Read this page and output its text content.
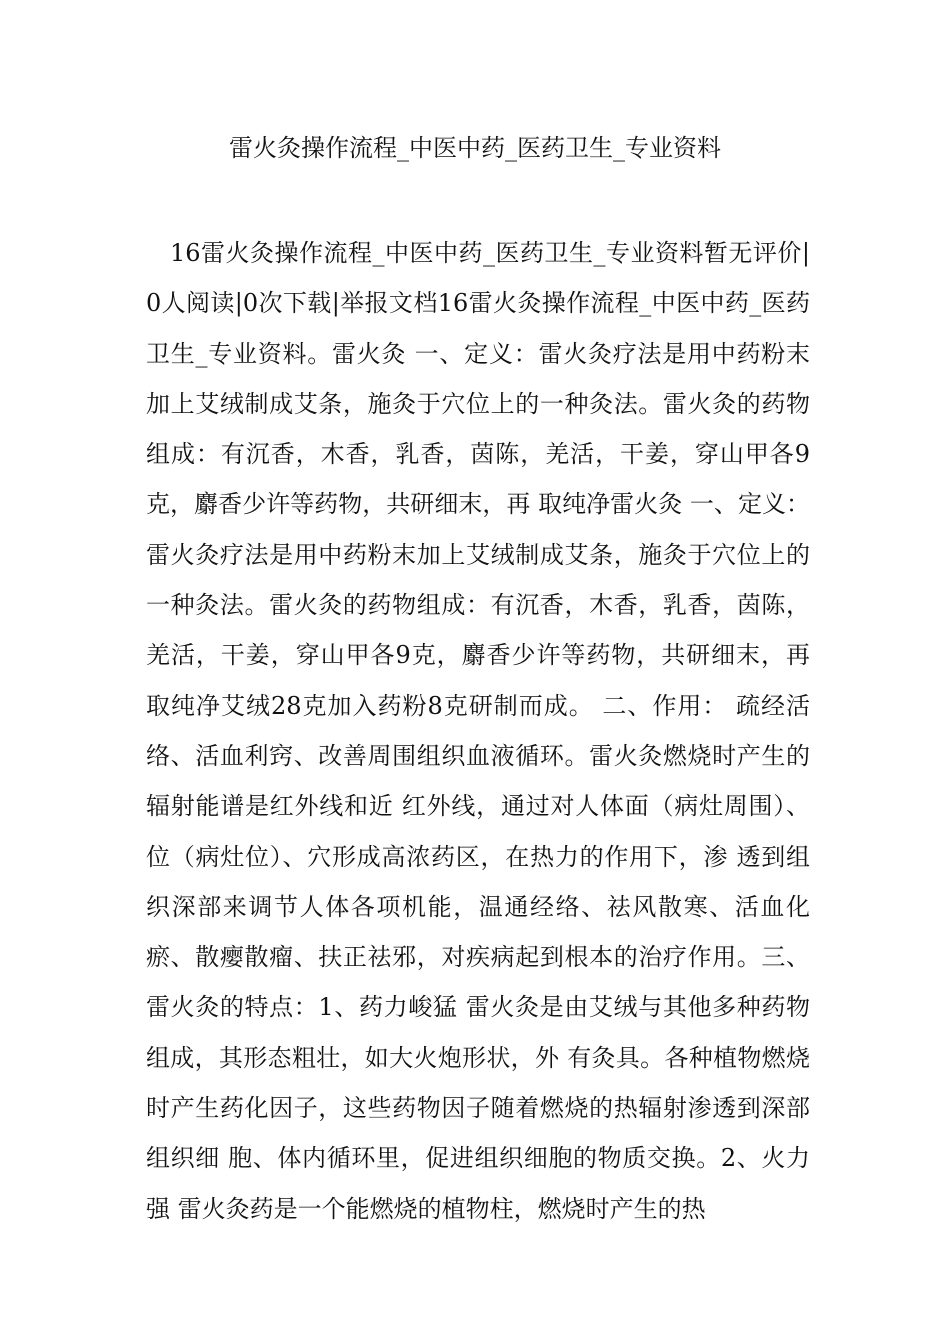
雷火灸操作流程_中医中药_医药卫生_专业资料

16雷火灸操作流程_中医中药_医药卫生_专业资料暂无评价|0人阅读|0次下载|举报文档16雷火灸操作流程_中医中药_医药卫生_专业资料。雷火灸 一、定义：雷火灸疗法是用中药粉末加上艾绒制成艾条，施灸于穴位上的一种灸法。雷火灸的药物组成：有沉香，木香，乳香，茵陈，羌活，干姜，穿山甲各9克，麝香少许等药物，共研细末，再 取纯净雷火灸 一、定义：雷火灸疗法是用中药粉末加上艾绒制成艾条，施灸于穴位上的一种灸法。雷火灸的药物组成：有沉香，木香，乳香，茵陈，羌活，干姜，穿山甲各9克，麝香少许等药物，共研细末，再 取纯净艾绒28克加入药粉8克研制而成。 二、作用： 疏经活络、活血利窍、改善周围组织血液循环。雷火灸燃烧时产生的辐射能谱是红外线和近 红外线，通过对人体面（病灶周围）、位（病灶位）、穴形成高浓药区，在热力的作用下，渗 透到组织深部来调节人体各项机能，温通经络、祛风散寒、活血化瘀、散瘿散瘤、扶正祛邪，对疾病起到根本的治疗作用。三、雷火灸的特点：1、药力峻猛 雷火灸是由艾绒与其他多种药物组成，其形态粗壮，如大火炮形状，外 有灸具。各种植物燃烧时产生药化因子，这些药物因子随着燃烧的热辐射渗透到深部组织细 胞、体内循环里，促进组织细胞的物质交换。2、火力强 雷火灸药是一个能燃烧的植物柱，燃烧时产生的热
